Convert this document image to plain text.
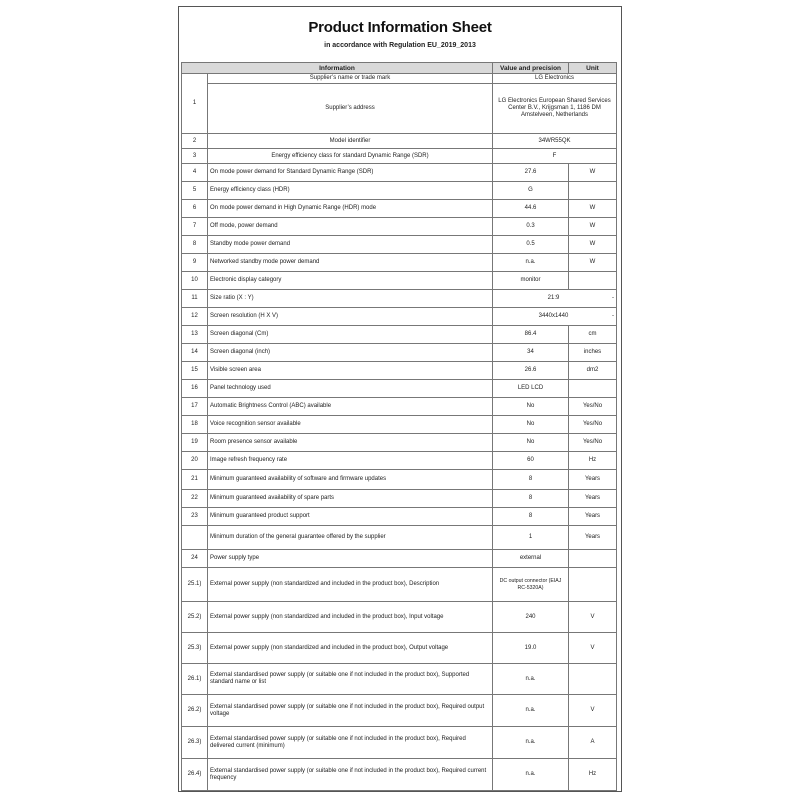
Product Information Sheet
in accordance with Regulation EU_2019_2013
Information		Value and precision	Unit
1	Supplier’s name or trade mark	LG Electronics	
	Supplier’s address	LG Electronics European Shared Services Center B.V., Krijgsman 1, 1186 DM Amstelveen, Netherlands	
2	Model identifier	34WR55QK	
3	Energy efficiency class for standard Dynamic Range (SDR)	F	
4	On mode power demand for Standard Dynamic Range (SDR)	27.6	W
5	Energy efficiency class (HDR)	G	
6	On mode power demand in High Dynamic Range (HDR) mode	44.6	W
7	Off mode, power demand	0.3	W
8	Standby mode power demand	0.5	W
9	Networked standby mode power demand	n.a.	W
10	Electronic display category	monitor	
11	Size ratio (X : Y)	21:9 -	

12	Screen resolution (H X V)	3440x1440 -	

13	Screen diagonal (Cm)	86.4	cm
14	Screen diagonal (inch)	34	inches
15	Visible screen area	26.6	dm2
16	Panel technology used	LED LCD	
17	Automatic Brightness Control (ABC) available	No	Yes/No
18	Voice recognition sensor available	No	Yes/No
19	Room presence sensor available	No	Yes/No
20	Image refresh frequency rate	60	Hz
21	Minimum guaranteed availability of software and firmware updates	8	Years
22	Minimum guaranteed availability of spare parts	8	Years
23	Minimum guaranteed product support	8	Years
	Minimum duration of the general guarantee offered by the supplier	1	Years
24	Power supply type	external	
25.1)	External power supply (non standardized and included in the product box), Description	DC output connector (EIAJ RC-5320A)	
25.2)	External power supply (non standardized and included in the product box), Input voltage	240	V
25.3)	External power supply (non standardized and included in the product box), Output voltage	19.0	V
26.1)	External standardised power supply (or suitable one if not included in the product box), Supported standard name or list	n.a.	
26.2)	External standardised power supply (or suitable one if not included in the product box), Required output voltage	n.a.	V
26.3)	External standardised power supply (or suitable one if not included in the product box), Required delivered current (minimum)	n.a.	A
26.4)	External standardised power supply (or suitable one if not included in the product box), Required current frequency	n.a.	Hz
